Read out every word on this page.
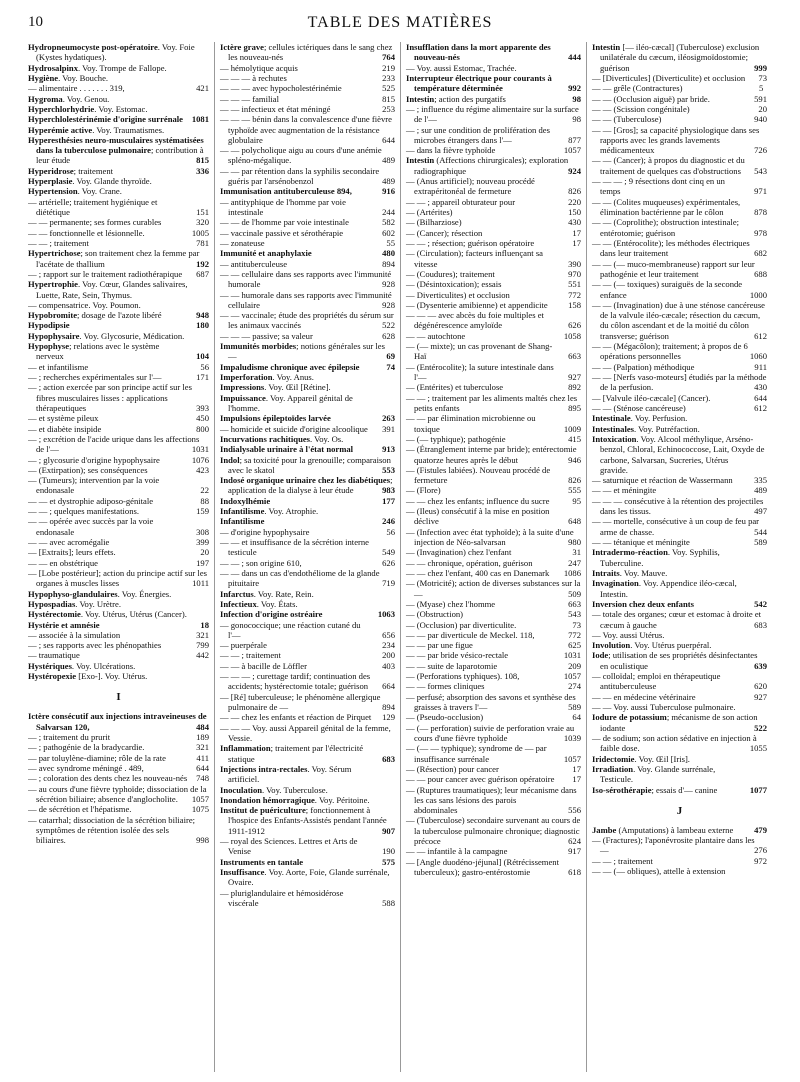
10	TABLE DES MATIÈRES

Hydropneumocyste post-opératoire. Voy. Foie (Kystes hydatiques).

Hydrosalpinx. Voy. Trompe de Fallope.

Hygiène. Voy. Bouche.

— alimentaire . . . . . . . 319,	421

Hygroma. Voy. Genou.

Hyperchlorhydrie. Voy. Estomac.

Hyperchlolestérinémie d'origine surrénale 1081

Hyperémie active. Voy. Traumatismes.

Hyperesthésies neuro-musculaires systématisées dans la tuberculose pulmonaire; contribution à leur étude	815

Hyperidrose; traitement	336

Hyperplasie. Voy. Glande thyroïde.

Hypertension. Voy. Crane.

— artérielle; traitement hygiénique et diététique	151

— — permanente; ses formes curables	320

— — fonctionnelle et lésionnelle.	1005

— — ; traitement	781

Hypertrichose; son traitement chez la femme par l'acétate de thallium	192

— ; rapport sur le traitement radiothérapique 687

Hypertrophie. Voy. Cœur, Glandes salivaires, Luette, Rate, Sein, Thymus.

— compensatrice. Voy. Poumon.

Hypobromite; dosage de l'azote libéré	948

Hypodipsie	180

Hypophysaire. Voy. Glycosurie, Médication.

Hypophyse; relations avec le système nerveux	104

— et infantilisme	56

— ; recherches expérimentales sur l'—	171

— ; action exercée par son principe actif sur les fibres musculaires lisses : applications thérapeutiques	393

— et système pileux	450

— et diabète insipide	800

— ; excrétion de l'acide urique dans les affections de l'—	1031

— ; glycosurie d'origine hypophysaire	1076

— (Extirpation); ses conséquences	423

— (Tumeurs); intervention par la voie endonasale	22

— — et dystrophie adiposo-génitale	88

— — ; quelques manifestations.	159

— — opérée avec succès par la voie endonasale	308

— — avec acromégalie	399

— [Extraits]; leurs effets.	20

— — en obstétrique	197

— [Lobe postérieur]; action du principe actif sur les organes à muscles lisses	1011

Hypophyso-glandulaires. Voy. Énergies.

Hypospadias. Voy. Urètre.

Hystérectomie. Voy. Utérus, Utérus (Cancer).

Hystérie et amnésie	18

— associée à la simulation	321

— ; ses rapports avec les phénopathies	799

— traumatique	442

Hystériques. Voy. Ulcérations.

Hystéropexie [Exo-]. Voy. Utérus.

I

Ictère consécutif aux injections intraveineuses de Salvarsan 120,	484

— ; traitement du prurit	189

— ; pathogénie de la bradycardie.	321

— par toluylène-diamine; rôle de la rate	411

— avec syndrome méningé . 489,	644

— ; coloration des dents chez les nouveau-nés 748

— au cours d'une fièvre typhoïde; dissociation de la sécrétion biliaire; absence d'anglocholite. 1057

— de sécrétion et l'hépatisme.	1075

— catarrhal; dissociation de la sécrétion biliaire; symptômes de rétention isolée des sels biliaires.	998

Ictère grave; cellules ictériques dans le sang chez les nouveau-nés	764

— hémolytique acquis	219

— — — à rechutes	233

— — — avec hypocholestérinémie	525

— — — familial	815

— — infectieux et état méningé	253

— — — bénin dans la convalescence d'une fièvre typhoïde avec augmentation de la résistance globulaire	644

— — polycholique aigu au cours d'une anémie spléno-mégalique.	489

— — par rétention dans la syphilis secondaire guéris par l'arsénobenzol	489

Immunisation antituberculeuse 894,	916

— antityphique de l'homme par voie intestinale	244

— — de l'homme par voie intestinale	582

— vaccinale passive et sérothérapie	602

— zonateuse	55

Immunité et anaphylaxie	480

— antituberculeuse	894

— — cellulaire dans ses rapports avec l'immunité humorale	928

— — humorale dans ses rapports avec l'immunité cellulaire	928

— — vaccinale; étude des propriétés du sérum sur les animaux vaccinés	522

— — — passive; sa valeur	628

Immunités morbides; notions générales sur les —	69

Impaludisme chronique avec épilepsie	74

Imperforation. Voy. Anus.

Impressions. Voy. Œil [Rétine].

Impuissance. Voy. Appareil génital de l'homme.

Impulsions épileptoïdes larvée	263

— homicide et suicide d'origine alcoolique 391

Incurvations rachitiques. Voy. Os.

Indialysable urinaire à l'état normal	913

Indol; sa toxicité pour la grenouille; comparaison avec le skatol	553

Indosé organique urinaire chez les diabétiques; application de la dialyse à leur étude	983

Indoxylhémie	177

Infantilisme. Voy. Atrophie.

Infantilisme	246

— d'origine hypophysaire	56

— — et insuffisance de la sécrétion interne testicule	549

— — ; son origine 610,	626

— — dans un cas d'endothéliome de la glande pituitaire	719

Infarctus. Voy. Rate, Rein.

Infectieux. Voy. États.

Infection d'origine ostréaire	1063

— gonococcique; une réaction cutané du l'—	656

— puerpérale	234

— — ; traitement	200

— — à bacille de Löffler	403

— — — ; curettage tardif; continuation des accidents; hystérectomie totale; guérison 664

— [Ré] tuberculeuse; le phénomène allergique pulmonaire de —	894

— — chez les enfants et réaction de Pirquet 129

— — — Voy. aussi Appareil génital de la femme, Vessie.

Inflammation; traitement par l'électricité statique	683

Injections intra-rectales. Voy. Sérum artificiel.

Inoculation. Voy. Tuberculose.

Inondation hémorragique. Voy. Péritoine.

Institut de puériculture; fonctionnement à l'hospice des Enfants-Assistés pendant l'année 1911-1912	907

— royal des Sciences. Lettres et Arts de Venise	190

Instruments en tantale	575

Insuffisance. Voy. Aorte, Foie, Glande surrénale, Ovaire.

— pluriglandulaire et hémosidérose viscérale	588

Insufflation dans la mort apparente des nouveau-nés	444

— Voy. aussi Estomac, Trachée.

Interrupteur électrique pour courants à température déterminée	992

Intestin; action des purgatifs	98

— ; influence du régime alimentaire sur la surface de l'—	98

— ; sur une condition de prolifération des microbes étrangers dans l'—	877

— dans la fièvre typhoïde	1057

Intestin (Affections chirurgicales); exploration radiographique	924

— (Anus artificiel); nouveau procédé extrapéritonéal de fermeture	826

— — ; appareil obturateur pour	220

— (Artérites)	150

— (Bilharziose)	430

— (Cancer); résection	17

— — ; résection; guérison opératoire	17

— (Circulation); facteurs influençant sa vitesse	390

— (Coudures); traitement	970

— (Désintoxication); essais	551

— Diverticulites) et occlusion	772

— (Dysenterie amibienne) et appendicite 158

— — — avec abcès du foie multiples et dégénérescence amyloïde	626

— — autochtone	1058

— (— mixte); un cas provenant de Shang-Haï	663

— (Entérocolite); la suture intestinale dans l'—	927

— (Entérites) et tuberculose	892

— — ; traitement par les aliments maltés chez les petits enfants	895

— — par élimination microbienne ou toxique	1009

— (— typhique); pathogénie	415

— (Étranglement interne par bride); entérectomie quatorze heures après le début	946

— (Fistules labiées). Nouveau procédé de fermeture	826

— (Flore)	555

— — chez les enfants; influence du sucre	95

— (Ileus) consécutif à la mise en position déclive	648

— (Infection avec état typhoïde); à la suite d'une injection de Néo-salvarsan	980

— (Invagination) chez l'enfant	31

— — chronique, opération, guérison	247

— — chez l'enfant, 400 cas en Danemark 1086

— (Motricité); action de diverses substances sur la —	509

— (Myase) chez l'homme	663

— (Obstruction)	543

— (Occlusion) par diverticulite.	73

— — par diverticule de Meckel. 118,	772

— — par une figue	625

— — par bride vésico-rectale	1031

— — suite de laparotomie	209

— (Perforations typhiques). 108,	1057

— — formes cliniques	274

— perfusé; absorption des savons et synthèse des graisses à travers l'—	589

— (Pseudo-occlusion)	64

— (— perforation) suivie de perforation vraie au cours d'une fièvre typhoïde	1039

— (— — typhique); syndrome de — par insuffisance surrénale	1057

— (Résection) pour cancer	17

— — pour cancer avec guérison opératoire 17

— (Ruptures traumatiques); leur mécanisme dans les cas sans lésions des parois abdominales	556

— (Tuberculose) secondaire survenant au cours de la tuberculose pulmonaire chronique; diagnostic précoce	624

— — infantile à la campagne	917

— [Angle duodéno-jéjunal] (Rétrécissement tuberculeux); gastro-entérostomie	618

Intestin [— iléo-cæcal] (Tuberculose) exclusion unilatérale du cæcum, iléosigmoïdostomie; guérison	999

— [Diverticules] (Diverticulite) et occlusion 73

— — grêle (Contractures)	5

— — (Occlusion aiguë) par bride.	591

— — (Scission congénitale)	20

— — (Tuberculose)	940

— — [Gros]; sa capacité physiologique dans ses rapports avec les grands lavements médicamenteux	726

— — (Cancer); à propos du diagnostic et du traitement de quelques cas d'obstructions 543

— — — ; 9 résections dont cinq en un temps	971

— — (Colites muqueuses) expérimentales, élimination bactérienne par le côlon	878

— — (Coprolithe); obstruction intestinale; entérotomie; guérison	978

— — (Entérocolite); les méthodes électriques dans leur traitement	682

— — (— muco-membraneuse) rapport sur leur pathogénie et leur traitement	688

— — (— toxiques) suraiguës de la seconde enfance	1000

— — (Invagination) due à une sténose cancéreuse de la valvule iléo-cæcale; résection du cæcum, du côlon ascendant et de la moitié du côlon transverse; guérison	612

— — (Mégacôlon); traitement; à propos de 6 opérations personnelles	1060

— — (Palpation) méthodique	911

— — [Nerfs vaso-moteurs] étudiés par la méthode de la perfusion.	430

— [Valvule iléo-cæcale] (Cancer).	644

— — (Sténose cancéreuse)	612

Intestinale. Voy. Perfusion.

Intestinales. Voy. Putréfaction.

Intoxication. Voy. Alcool méthylique, Arséno-benzol, Chloral, Echinococcose, Lait, Oxyde de carbone, Salvarsan, Sucreries, Utérus gravide.

— saturnique et réaction de Wassermann 335

— — et méningite	489

— — — consécutive à la rétention des projectiles dans les tissus.	497

— — mortelle, consécutive à un coup de feu par arme de chasse.	544

— — tétanique et méningite	589

Intradermo-réaction. Voy. Syphilis, Tuberculine.

Intraits. Voy. Mauve.

Invagination. Voy. Appendice iléo-cæcal, Intestin.

Inversion chez deux enfants	542

— totale des organes; cœur et estomac à droite et cæcum à gauche	683

— Voy. aussi Utérus.

Involution. Voy. Utérus puerpéral.

Iode; utilisation de ses propriétés désinfectantes en oculistique	639

— colloïdal; emploi en thérapeutique antituberculeuse	620

— — en médecine vétérinaire	927

— — Voy. aussi Tuberculose pulmonaire.

Iodure de potassium; mécanisme de son action iodante	522

— de sodium; son action sédative en injection à faible dose.	1055

Iridectomie. Voy. Œil [Iris].

Irradiation. Voy. Glande surrénale, Testicule.

Iso-sérothérapie; essais d'— canine	1077

J

Jambe (Amputations) à lambeau externe 479

— (Fractures); l'aponévrosite plantaire dans les —	276

— — ; traitement	972

— — (— obliques), attelle à extension
